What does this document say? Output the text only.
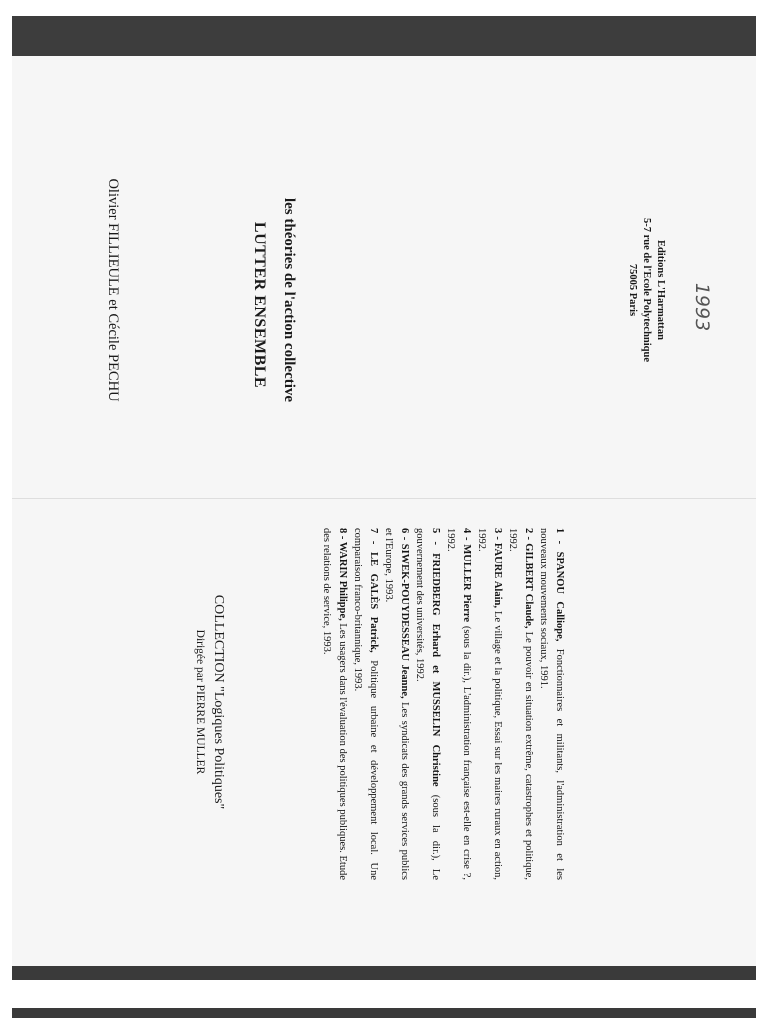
Olivier FILLIEULE et Cécile PECHU	LUTTER ENSEMBLE les théories de l'action collective	Editions L'Harmattan
5-7 rue de l'Ecole Polytechnique
75005 Paris	1993
COLLECTION "Logiques Politiques"
Dirigée par PIERRE MULLER

1 - SPANOU Calliope, Fonctionnaires et militants, l'administration et les nouveaux mouvements sociaux, 1991.

2 - GILBERT Claude, Le pouvoir en situation extrême, catastrophes et politique, 1992.

3 - FAURE Alain, Le village et la politique, Essai sur les maires ruraux en action, 1992.

4 - MULLER Pierre (sous la dir.), L'administration française est-elle en crise ?, 1992.

5 - FRIEDBERG Erhard et MUSSELIN Christine (sous la dir.), Le gouvernement des universités, 1992.

6 - SIWEK-POUYDESSEAU Jeanne, Les syndicats des grands services publics et l'Europe, 1993.

7 - LE GALÈS Patrick, Politique urbaine et développement local. Une comparaison franco-britannique, 1993.

8 - WARIN Philippe, Les usagers dans l'évaluation des politiques publiques. Etude des relations de service, 1993.
